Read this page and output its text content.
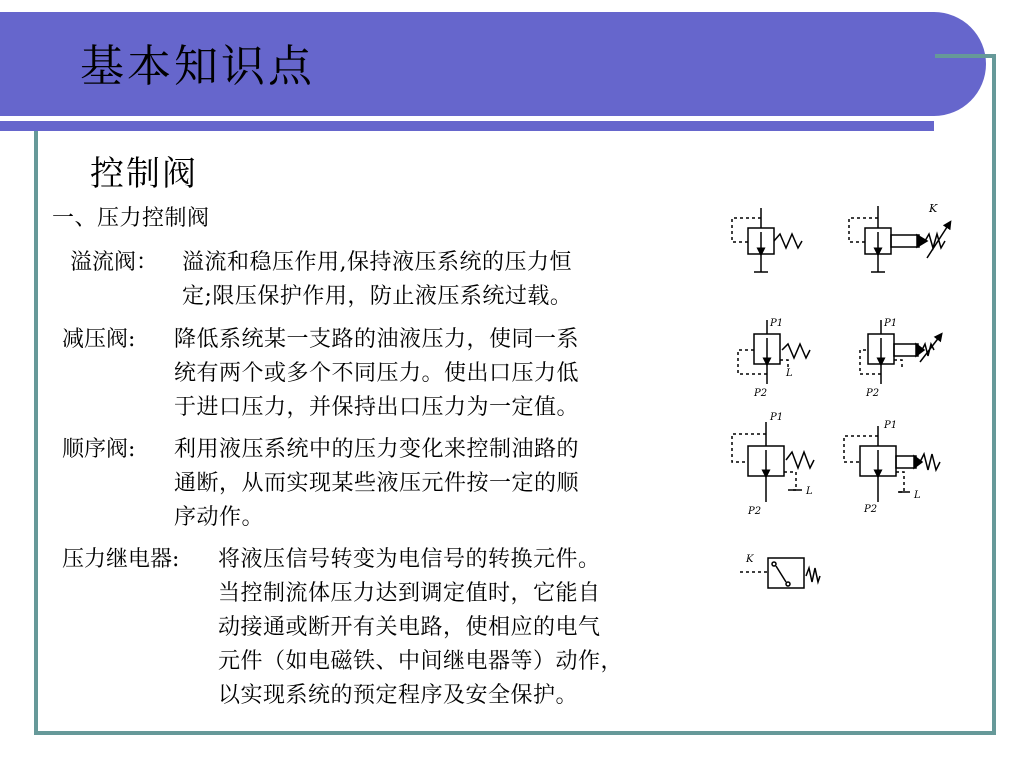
基本知识点
控制阀
一、压力控制阀
溢流阀： 溢流和稳压作用,保持液压系统的压力恒
定;限压保护作用，防止液压系统过载。
减压阀: 降低系统某一支路的油液压力，使同一系
统有两个或多个不同压力。使出口压力低
于进口压力，并保持出口压力为一定值。
顺序阀: 利用液压系统中的压力变化来控制油路的
通断，从而实现某些液压元件按一定的顺
序动作。
压力继电器: 将液压信号转变为电信号的转换元件。
当控制流体压力达到调定值时，它能自
动接通或断开有关电路，使相应的电气
元件（如电磁铁、中间继电器等）动作，
以实现系统的预定程序及安全保护。
K
P1
L
P2
P1
P2
P1
L
P2
P1
L
P2
K
